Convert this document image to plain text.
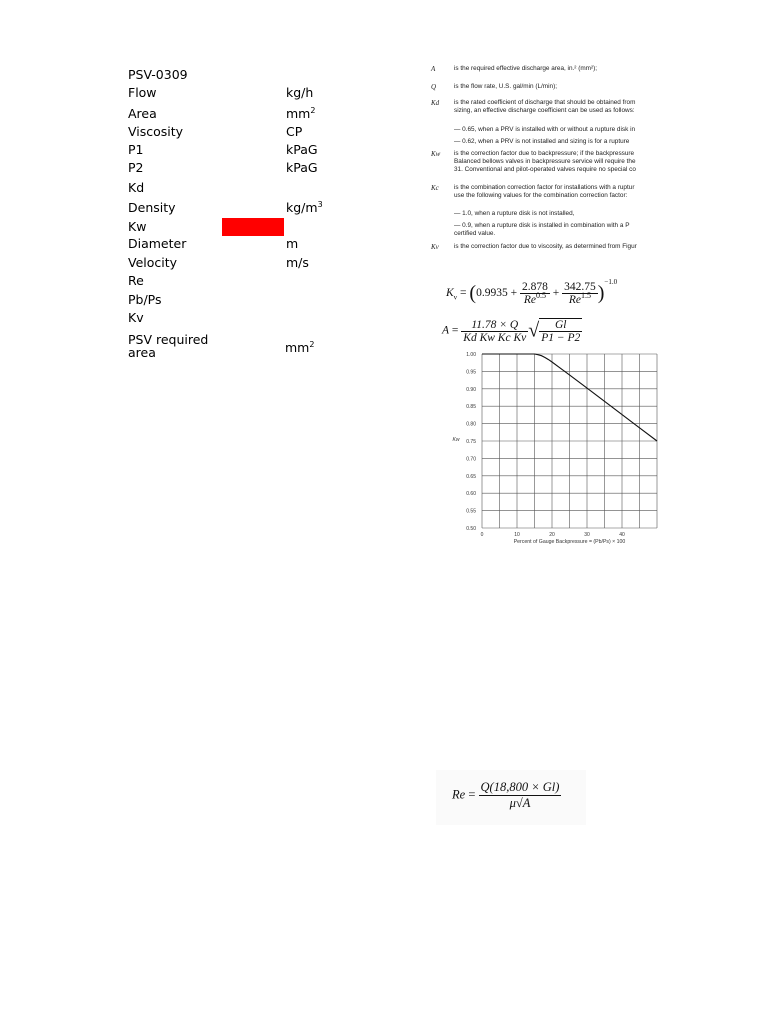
PSV-0309
Flow	kg/h
Area	$mm^2$
Viscosity	CP
P1	kPaG
P2	kPaG
Kd
Density	$kg/m^3$
Kw
Diameter	m
Velocity	m/s
Re
Pb/Ps
Kv
PSV required
area	$mm^2$
A	is the required effective discharge area, in.² (mm²);
Q	is the flow rate, U.S. gal/min (L/min);
Kd is the rated coefficient of discharge that should be obtained from
sizing, an effective discharge coefficient can be used as follows:
— 0.65, when a PRV is installed with or without a rupture disk in
— 0.62, when a PRV is not installed and sizing is for a rupture
Kw is the correction factor due to backpressure; if the backpressure
Balanced bellows valves in backpressure service will require the
31. Conventional and pilot-operated valves require no special co
Kc is the combination correction factor for installations with a ruptur
use the following values for the combination correction factor:
— 1.0, when a rupture disk is not installed,
— 0.9, when a rupture disk is installed in combination with a P
certified value.
Kv is the correction factor due to viscosity, as determined from Figur
$K_v = (0.9935 + \frac{2.878}{Re^{0.5}} + \frac{342.75}{Re^{1.5}} )^{-1.0}$
$A = \frac{11.78 \times Q}{\text{Kd Kw Kc Kv}}$ √ $\frac{Gl}{P1 - P2}$
1.00
0.95
0.90
0.85
0.80
0.75
0.70
0.65
0.60
0.55
0.50
0	10	20	30	40
Kw
Percent of Gauge Backpressure = (Pb/Ps) × 100
$Re = \frac{Q(18,800 \times Gl)}{\mu√A}$
